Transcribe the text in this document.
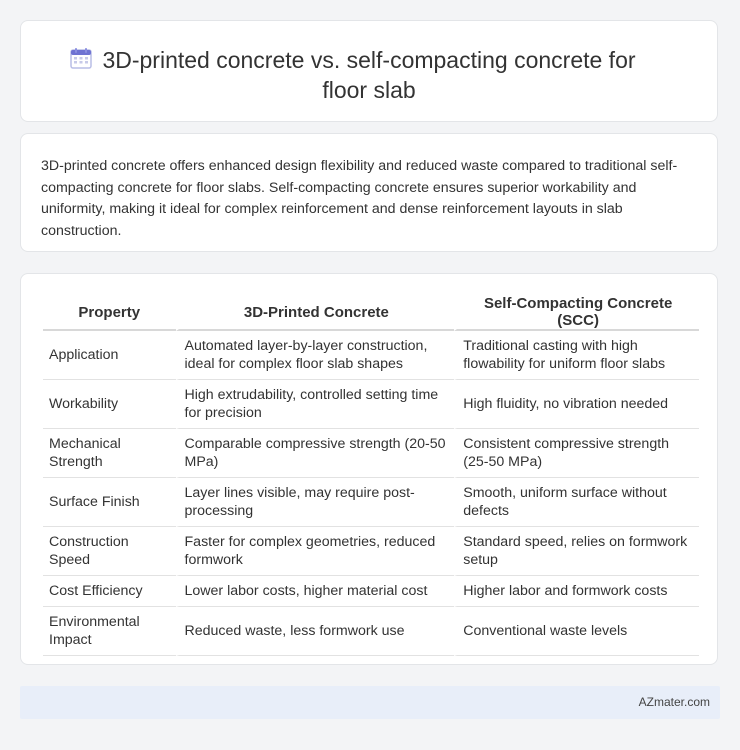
3D-printed concrete vs. self-compacting concrete for
floor slab
3D-printed concrete offers enhanced design flexibility and reduced waste compared to traditional self-compacting concrete for floor slabs. Self-compacting concrete ensures superior workability and uniformity, making it ideal for complex reinforcement and dense reinforcement layouts in slab construction.
Property	3D-Printed Concrete	Self-Compacting Concrete (SCC)
Application	Automated layer-by-layer construction, ideal for complex floor slab shapes	Traditional casting with high flowability for uniform floor slabs
Workability	High extrudability, controlled setting time for precision	High fluidity, no vibration needed
Mechanical Strength	Comparable compressive strength (20-50 MPa)	Consistent compressive strength (25-50 MPa)
Surface Finish	Layer lines visible, may require post-processing	Smooth, uniform surface without defects
Construction Speed	Faster for complex geometries, reduced formwork	Standard speed, relies on formwork setup
Cost Efficiency	Lower labor costs, higher material cost	Higher labor and formwork costs
Environmental Impact	Reduced waste, less formwork use	Conventional waste levels
AZmater.com
